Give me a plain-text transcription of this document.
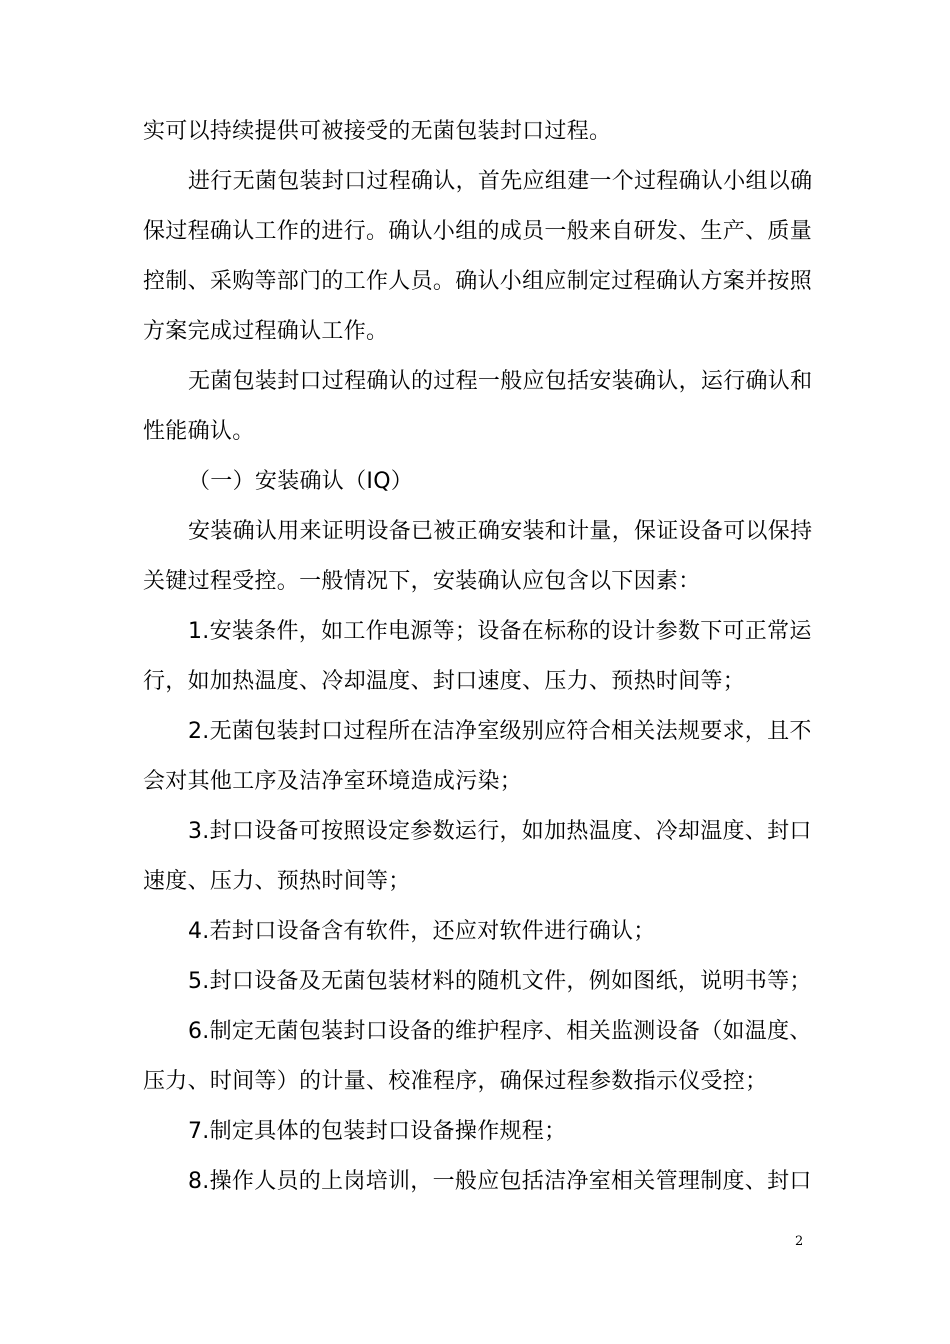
实可以持续提供可被接受的无菌包装封口过程。
进行无菌包装封口过程确认，首先应组建一个过程确认小组以确
保过程确认工作的进行。确认小组的成员一般来自研发、生产、质量
控制、采购等部门的工作人员。确认小组应制定过程确认方案并按照
方案完成过程确认工作。
无菌包装封口过程确认的过程一般应包括安装确认，运行确认和
性能确认。
（一）安装确认（IQ）
安装确认用来证明设备已被正确安装和计量，保证设备可以保持
关键过程受控。一般情况下，安装确认应包含以下因素：
1.安装条件，如工作电源等；设备在标称的设计参数下可正常运
行，如加热温度、冷却温度、封口速度、压力、预热时间等；
2.无菌包装封口过程所在洁净室级别应符合相关法规要求，且不
会对其他工序及洁净室环境造成污染；
3.封口设备可按照设定参数运行，如加热温度、冷却温度、封口
速度、压力、预热时间等；
4.若封口设备含有软件，还应对软件进行确认；
5.封口设备及无菌包装材料的随机文件，例如图纸，说明书等；
6.制定无菌包装封口设备的维护程序、相关监测设备（如温度、
压力、时间等）的计量、校准程序，确保过程参数指示仪受控；
7.制定具体的包装封口设备操作规程；
8.操作人员的上岗培训，一般应包括洁净室相关管理制度、封口
2
